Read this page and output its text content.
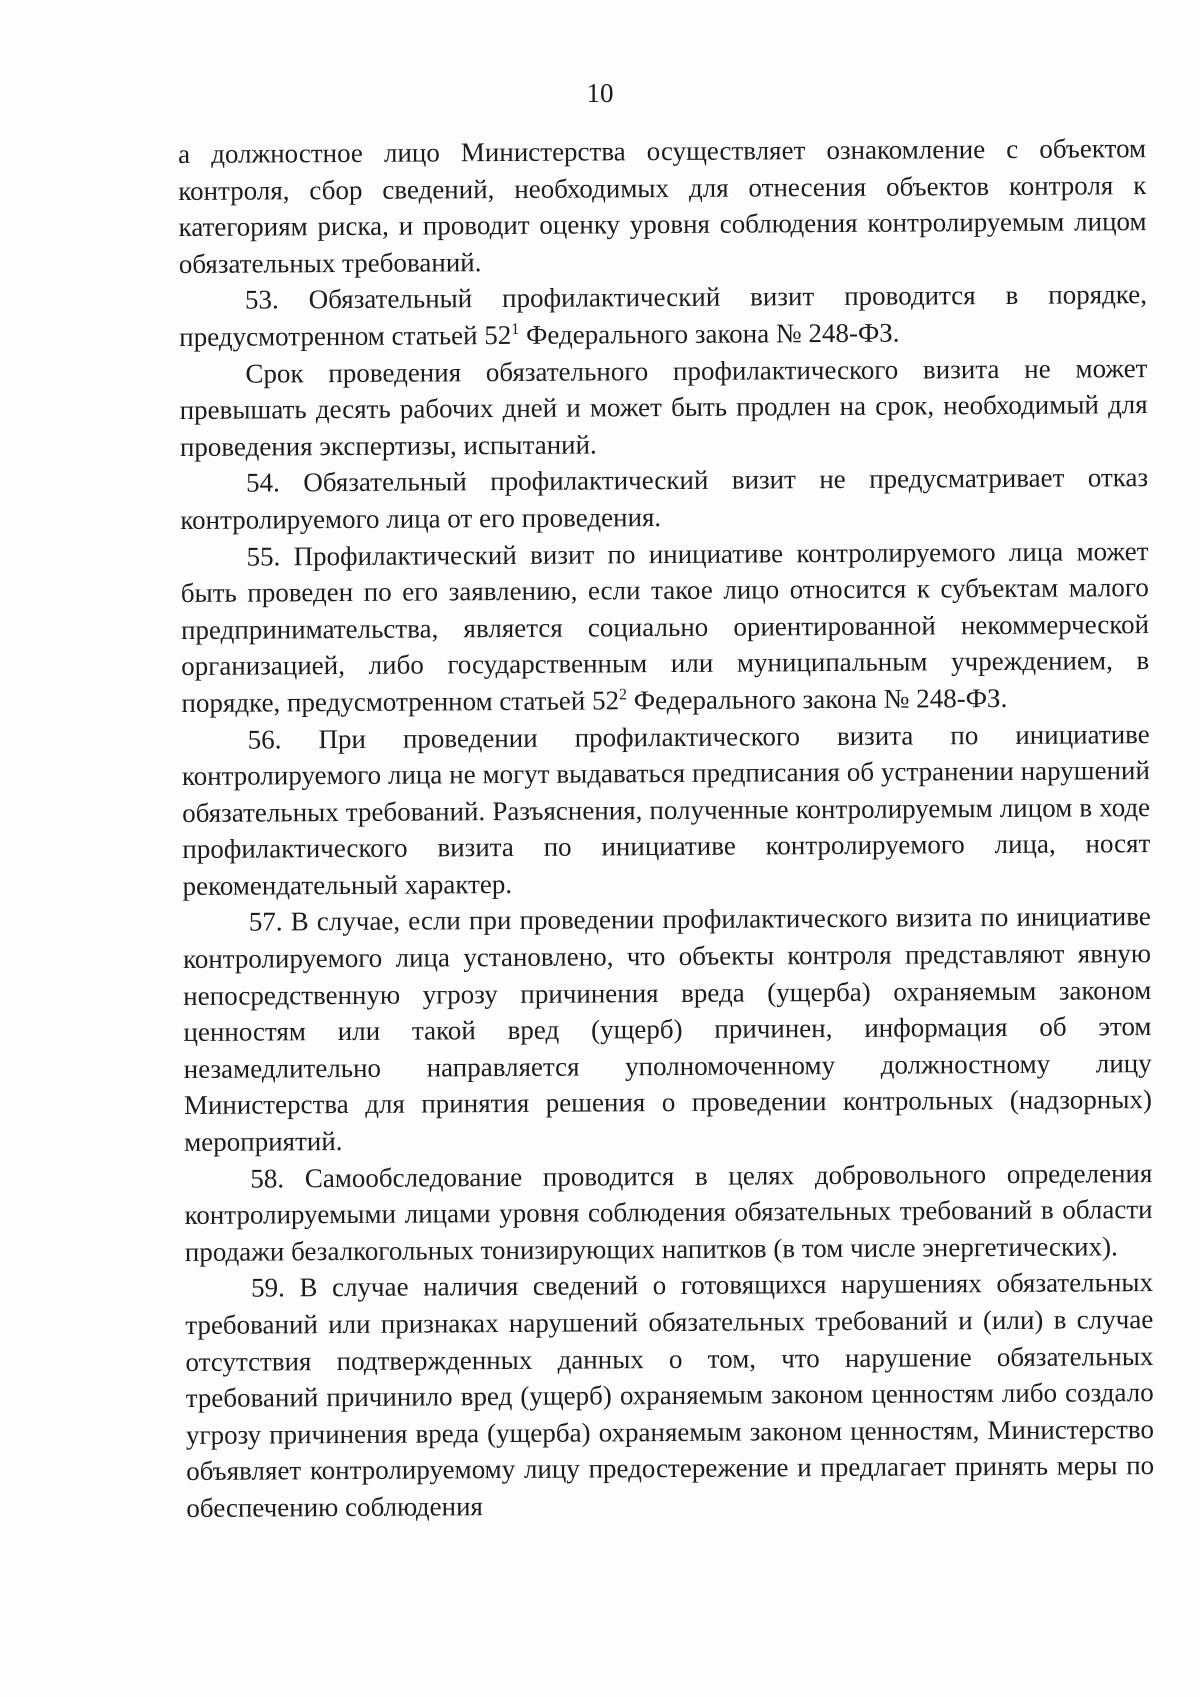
10

а должностное лицо Министерства осуществляет ознакомление с объектом контроля, сбор сведений, необходимых для отнесения объектов контроля к категориям риска, и проводит оценку уровня соблюдения контролируемым лицом обязательных требований.

53. Обязательный профилактический визит проводится в порядке, предусмотренном статьей $52^1$ Федерального закона № 248-ФЗ.

Срок проведения обязательного профилактического визита не может превышать десять рабочих дней и может быть продлен на срок, необходимый для проведения экспертизы, испытаний.

54. Обязательный профилактический визит не предусматривает отказ контролируемого лица от его проведения.

55. Профилактический визит по инициативе контролируемого лица может быть проведен по его заявлению, если такое лицо относится к субъектам малого предпринимательства, является социально ориентированной некоммерческой организацией, либо государственным или муниципальным учреждением, в порядке, предусмотренном статьей $52^2$ Федерального закона № 248-ФЗ.

56. При проведении профилактического визита по инициативе контролируемого лица не могут выдаваться предписания об устранении нарушений обязательных требований. Разъяснения, полученные контролируемым лицом в ходе профилактического визита по инициативе контролируемого лица, носят рекомендательный характер.

57. В случае, если при проведении профилактического визита по инициативе контролируемого лица установлено, что объекты контроля представляют явную непосредственную угрозу причинения вреда (ущерба) охраняемым законом ценностям или такой вред (ущерб) причинен, информация об этом незамедлительно направляется уполномоченному должностному лицу Министерства для принятия решения о проведении контрольных (надзорных) мероприятий.

58. Самообследование проводится в целях добровольного определения контролируемыми лицами уровня соблюдения обязательных требований в области продажи безалкогольных тонизирующих напитков (в том числе энергетических).

59. В случае наличия сведений о готовящихся нарушениях обязательных требований или признаках нарушений обязательных требований и (или) в случае отсутствия подтвержденных данных о том, что нарушение обязательных требований причинило вред (ущерб) охраняемым законом ценностям либо создало угрозу причинения вреда (ущерба) охраняемым законом ценностям, Министерство объявляет контролируемому лицу предостережение и предлагает принять меры по обеспечению соблюдения
